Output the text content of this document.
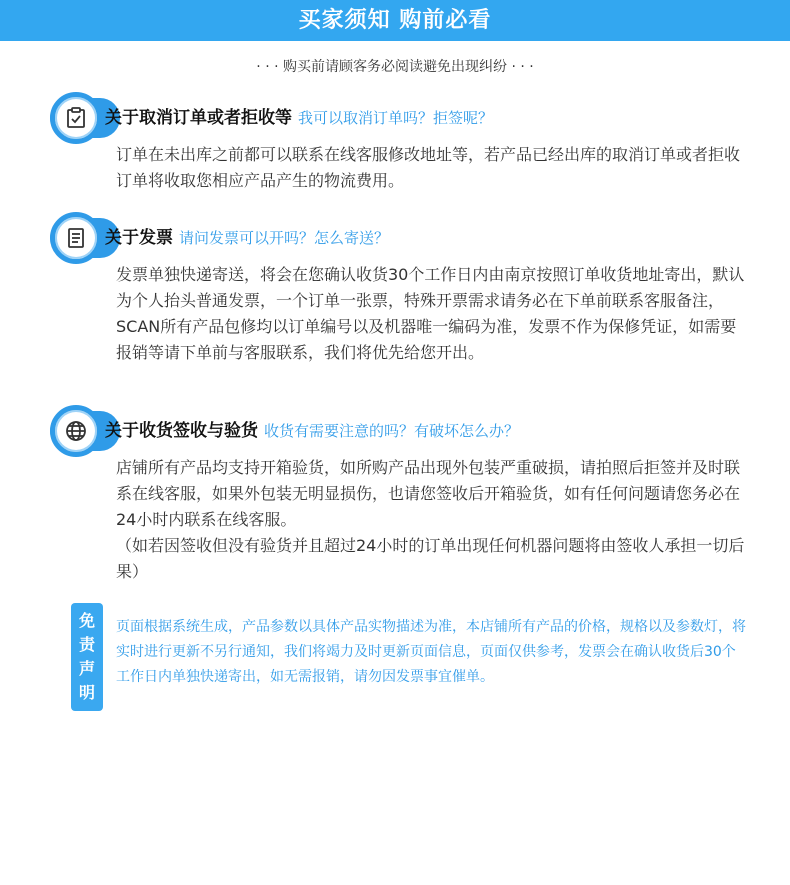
买家须知 购前必看
· · · 购买前请顾客务必阅读避免出现纠纷 · · ·
关于取消订单或者拒收等 我可以取消订单吗？拒签呢？

订单在未出库之前都可以联系在线客服修改地址等，若产品已经出库的取消订单或者拒收订单将收取您相应产品产生的物流费用。

关于发票 请问发票可以开吗？怎么寄送？

发票单独快递寄送，将会在您确认收货30个工作日内由南京按照订单收货地址寄出，默认为个人抬头普通发票，一个订单一张票，特殊开票需求请务必在下单前联系客服备注，SCAN所有产品包修均以订单编号以及机器唯一编码为准，发票不作为保修凭证，如需要报销等请下单前与客服联系，我们将优先给您开出。

关于收货签收与验货 收货有需要注意的吗？有破坏怎么办？

店铺所有产品均支持开箱验货，如所购产品出现外包装严重破损，请拍照后拒签并及时联系在线客服，如果外包装无明显损伤，也请您签收后开箱验货，如有任何问题请您务必在24小时内联系在线客服。

（如若因签收但没有验货并且超过24小时的订单出现任何机器问题将由签收人承担一切后果）

免
责
声
明
页面根据系统生成，产品参数以具体产品实物描述为准，本店铺所有产品的价格，规格以及参数灯，将实时进行更新不另行通知，我们将竭力及时更新页面信息，页面仅供参考，发票会在确认收货后30个工作日内单独快递寄出，如无需报销，请勿因发票事宜催单。
